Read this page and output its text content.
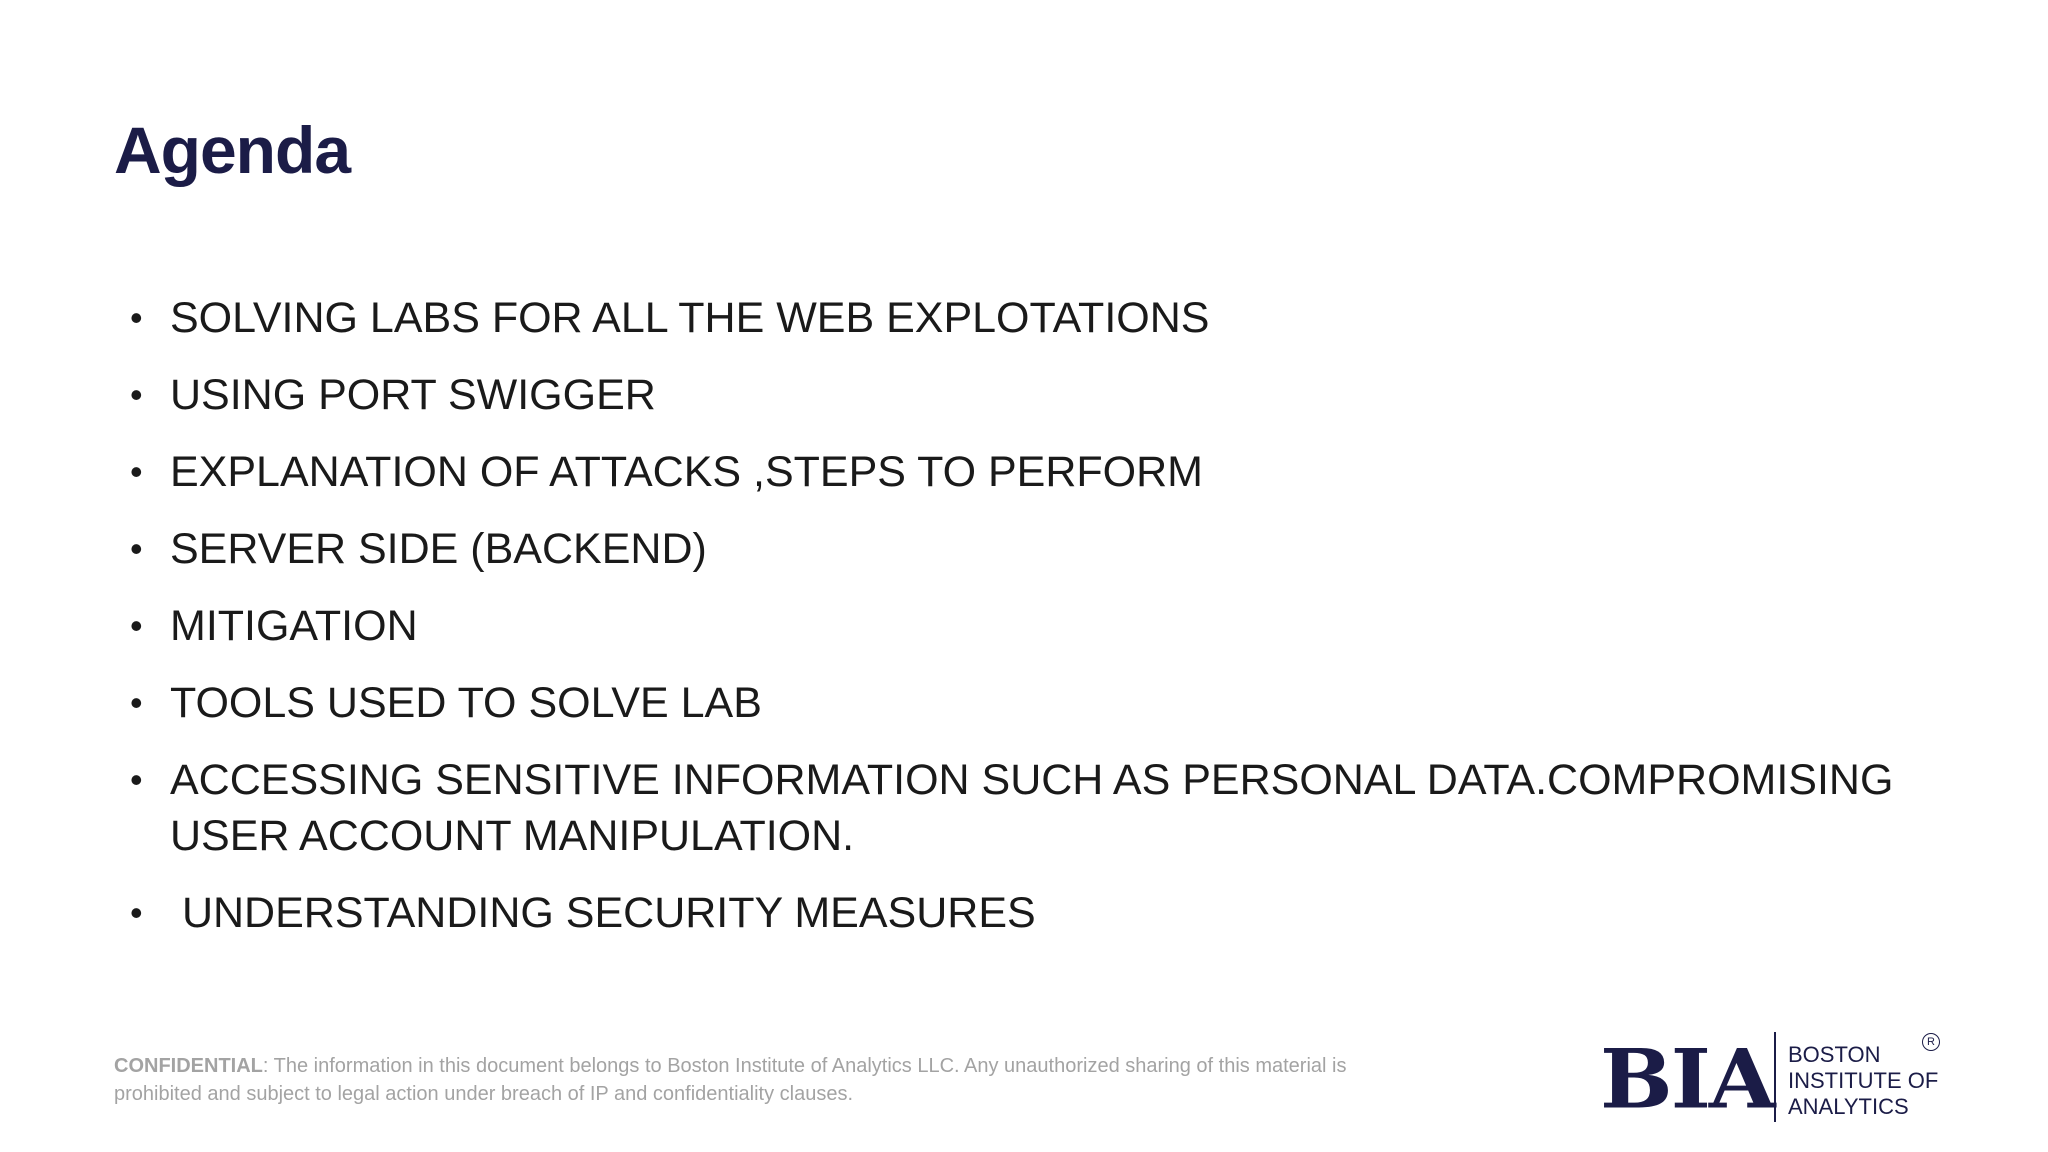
Agenda
• SOLVING LABS FOR ALL THE WEB EXPLOTATIONS
• USING PORT SWIGGER
• EXPLANATION OF ATTACKS ,STEPS TO PERFORM
• SERVER SIDE (BACKEND)
• MITIGATION
• TOOLS USED TO SOLVE LAB
• ACCESSING SENSITIVE INFORMATION SUCH AS PERSONAL DATA.COMPROMISING USER ACCOUNT MANIPULATION.
• UNDERSTANDING SECURITY MEASURES
CONFIDENTIAL: The information in this document belongs to Boston Institute of Analytics LLC. Any unauthorized sharing of this material is prohibited and subject to legal action under breach of IP and confidentiality clauses.	BIA BOSTON
INSTITUTE OF
ANALYTICS
R
